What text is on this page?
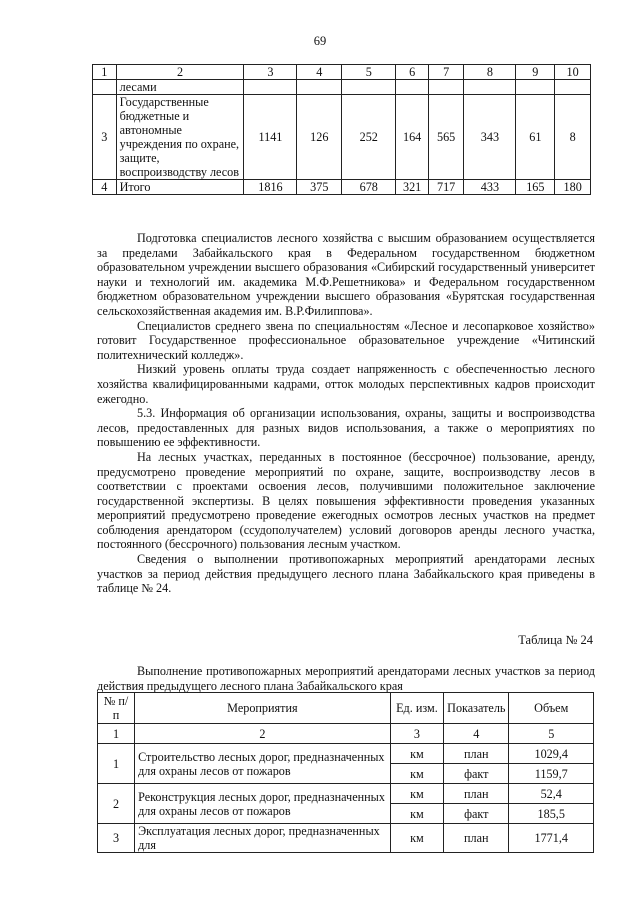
69
1	2	3	4	5	6	7	8	9	10
	лесами								
3	Государственные бюджетные и автономные учреждения по охране, защите, воспроизводству лесов	1141	126	252	164	565	343	61	8
4	Итого	1816	375	678	321	717	433	165	180

Подготовка специалистов лесного хозяйства с высшим образованием осуществляется за пределами Забайкальского края в Федеральном государственном бюджетном образовательном учреждении высшего образования «Сибирский государственный университет науки и технологий им. академика М.Ф.Решетникова» и Федеральном государственном бюджетном образовательном учреждении высшего образования «Бурятская государственная сельскохозяйственная академия им. В.Р.Филиппова».

Специалистов среднего звена по специальностям «Лесное и лесопарковое хозяйство» готовит Государственное профессиональное образовательное учреждение «Читинский политехнический колледж».

Низкий уровень оплаты труда создает напряженность с обеспеченностью лесного хозяйства квалифицированными кадрами, отток молодых перспективных кадров происходит ежегодно.

5.3. Информация об организации использования, охраны, защиты и воспроизводства лесов, предоставленных для разных видов использования, а также о мероприятиях по повышению ее эффективности.

На лесных участках, переданных в постоянное (бессрочное) пользование, аренду, предусмотрено проведение мероприятий по охране, защите, воспроизводству лесов в соответствии с проектами освоения лесов, получившими положительное заключение государственной экспертизы. В целях повышения эффективности проведения указанных мероприятий предусмотрено проведение ежегодных осмотров лесных участков на предмет соблюдения арендатором (ссудополучателем) условий договоров аренды лесного участка, постоянного (бессрочного) пользования лесным участком.

Сведения о выполнении противопожарных мероприятий арендаторами лесных участков за период действия предыдущего лесного плана Забайкальского края приведены в таблице № 24.

Таблица № 24
Выполнение противопожарных мероприятий арендаторами лесных участков за период действия предыдущего лесного плана Забайкальского края
№ п/п	Мероприятия	Ед. изм.	Показатель	Объем
1	2	3	4	5
1	Строительство лесных дорог, предназначенных для охраны лесов от пожаров	км	план	1029,4
		км	факт	1159,7
2	Реконструкция лесных дорог, предназначенных для охраны лесов от пожаров	км	план	52,4
		км	факт	185,5
3	Эксплуатация лесных дорог, предназначенных для	км	план	1771,4
